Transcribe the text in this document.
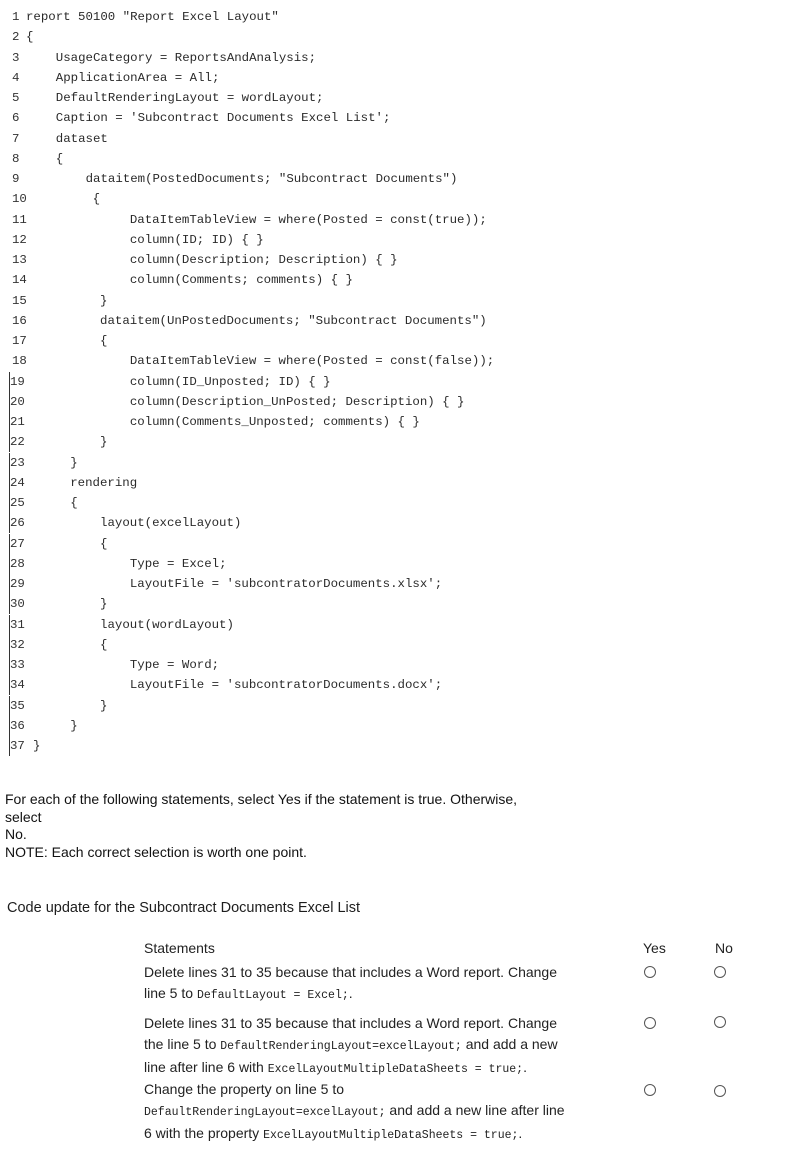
1 report 50100 "Report Excel Layout"
2 {
3	UsageCategory = ReportsAndAnalysis;
4	ApplicationArea = All;
5	DefaultRenderingLayout = wordLayout;
6	Caption = 'Subcontract Documents Excel List';
7	dataset
8	{
9	dataitem(PostedDocuments; "Subcontract Documents")
10	{
11	DataItemTableView = where(Posted = const(true));
12	column(ID; ID) { }
13	column(Description; Description) { }
14	column(Comments; comments) { }
15	}
16	dataitem(UnPostedDocuments; "Subcontract Documents")
17	{
18	DataItemTableView = where(Posted = const(false));
19	column(ID_Unposted; ID) { }
20	column(Description_UnPosted; Description) { }
21	column(Comments_Unposted; comments) { }
22	}
23	}
24	rendering
25	{
26	layout(excelLayout)
27	{
28	Type = Excel;
29	LayoutFile = 'subcontratorDocuments.xlsx';
30	}
31	layout(wordLayout)
32	{
33	Type = Word;
34	LayoutFile = 'subcontratorDocuments.docx';
35	}
36	}
37 }
For each of the following statements, select Yes if the statement is true. Otherwise,
select
No.
NOTE: Each correct selection is worth one point.
Code update for the Subcontract Documents Excel List
Statements	Yes	No
Delete lines 31 to 35 because that includes a Word report. Change
line 5 to DefaultLayout = Excel;.
Delete lines 31 to 35 because that includes a Word report. Change
the line 5 to DefaultRenderingLayout=excelLayout; and add a new
line after line 6 with ExcelLayoutMultipleDataSheets = true;.
Change the property on line 5 to
DefaultRenderingLayout=excelLayout; and add a new line after line
6 with the property ExcelLayoutMultipleDataSheets = true;.
